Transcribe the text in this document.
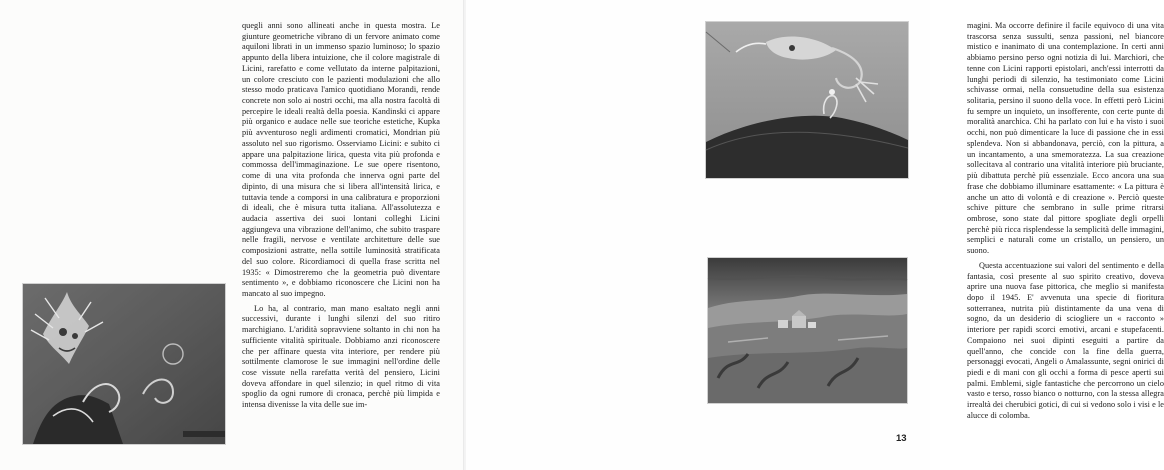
quegli anni sono allineati anche in questa mostra. Le giunture geometriche vibrano di un fervore animato come aquiloni librati in un immenso spazio luminoso; lo spazio appunto della libera intuizione, che il colore magistrale di Licini, rarefatto e come vellutato da interne palpitazioni, un colore cresciuto con le pazienti modulazioni che allo stesso modo praticava l'amico quotidiano Morandi, rende concrete non solo ai nostri occhi, ma alla nostra facoltà di percepire le ideali realtà della poesia. Kandinski ci appare più organico e audace nelle sue teoriche estetiche, Kupka più avventuroso negli ardimenti cromatici, Mondrian più assoluto nel suo rigorismo. Osserviamo Licini: e subito ci appare una palpitazione lirica, questa vita più profonda e commossa dell'immaginazione. Le sue opere risentono, come di una vita profonda che innerva ogni parte del dipinto, di una misura che si libera all'intensità lirica, e tuttavia tende a comporsi in una calibratura e proporzioni di ideali, che è misura tutta italiana. All'assolutezza e audacia assertiva dei suoi lontani colleghi Licini aggiungeva una vibrazione dell'animo, che subito traspare nelle fragili, nervose e ventilate architetture delle sue composizioni astratte, nella sottile luminosità stratificata del suo colore. Ricordiamoci di quella frase scritta nel 1935: « Dimostreremo che la geometria può diventare sentimento », e dobbiamo riconoscere che Licini non ha mancato al suo impegno.

Lo ha, al contrario, man mano esaltato negli anni successivi, durante i lunghi silenzi del suo ritiro marchigiano. L'aridità sopravviene soltanto in chi non ha sufficiente vitalità spirituale. Dobbiamo anzi riconoscere che per affinare questa vita interiore, per rendere più sottilmente clamorose le sue immagini nell'ordine delle cose vissute nella rarefatta verità del pensiero, Licini doveva affondare in quel silenzio; in quel ritmo di vita spoglio da ogni rumore di cronaca, perchè più limpida e intensa divenisse la vita delle sue im-

magini. Ma occorre definire il facile equivoco di una vita trascorsa senza sussulti, senza passioni, nel biancore mistico e inanimato di una contemplazione. In certi anni abbiamo persino perso ogni notizia di lui. Marchiori, che tenne con Licini rapporti epistolari, anch'essi interrotti da lunghi periodi di silenzio, ha testimoniato come Licini schivasse ormai, nella consuetudine della sua esistenza solitaria, persino il suono della voce. In effetti però Licini fu sempre un inquieto, un insofferente, con certe punte di moralità anarchica. Chi ha parlato con lui e ha visto i suoi occhi, non può dimenticare la luce di passione che in essi splendeva. Non si abbandonava, perciò, con la pittura, a un incantamento, a una smemoratezza. La sua creazione sollecitava al contrario una vitalità interiore più bruciante, più dibattuta perchè più essenziale. Ecco ancora una sua frase che dobbiamo illuminare esattamente: « La pittura è anche un atto di volontà e di creazione ». Perciò queste schive pitture che sembrano in sulle prime ritrarsi ombrose, sono state dal pittore spogliate degli orpelli perchè più ricca risplendesse la semplicità delle immagini, semplici e naturali come un cristallo, un pensiero, un suono.

Questa accentuazione sui valori del sentimento e della fantasia, così presente al suo spirito creativo, doveva aprire una nuova fase pittorica, che meglio si manifesta dopo il 1945. E' avvenuta una specie di fioritura sotterranea, nutrita più distintamente da una vena di sogno, da un desiderio di sciogliere un « racconto » interiore per rapidi scorci emotivi, arcani e stupefacenti. Compaiono nei suoi dipinti eseguiti a partire da quell'anno, che concide con la fine della guerra, personaggi evocati, Angeli o Amalassunte, segni onirici di piedi e di mani con gli occhi a forma di pesce aperti sui palmi. Emblemi, sigle fantastiche che percorrono un cielo vasto e terso, rosso bianco o notturno, con la stessa allegra irrealtà dei cherubici gotici, di cui si vedono solo i visi e le alucce di colomba.

13
